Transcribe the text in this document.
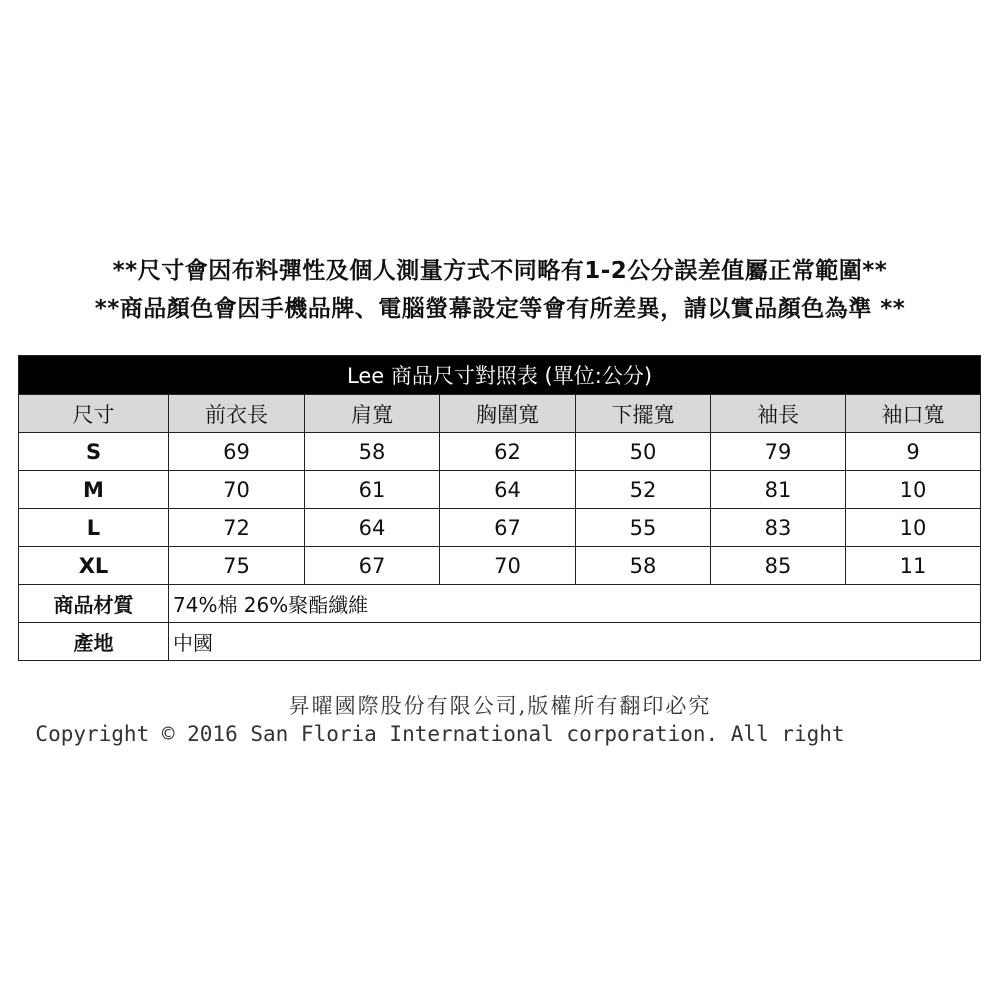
**尺寸會因布料彈性及個人測量方式不同略有1-2公分誤差值屬正常範圍**
**商品顏色會因手機品牌、電腦螢幕設定等會有所差異，請以實品顏色為準 **
Lee 商品尺寸對照表 (單位:公分)						
尺寸	前衣長	肩寬	胸圍寬	下擺寬	袖長	袖口寬
S	69	58	62	50	79	9
M	70	61	64	52	81	10
L	72	64	67	55	83	10
XL	75	67	70	58	85	11
商品材質	74%棉 26%聚酯纖維					
產地	中國					
昇曜國際股份有限公司,版權所有翻印必究
Copyright © 2016 San Floria International corporation. All right
